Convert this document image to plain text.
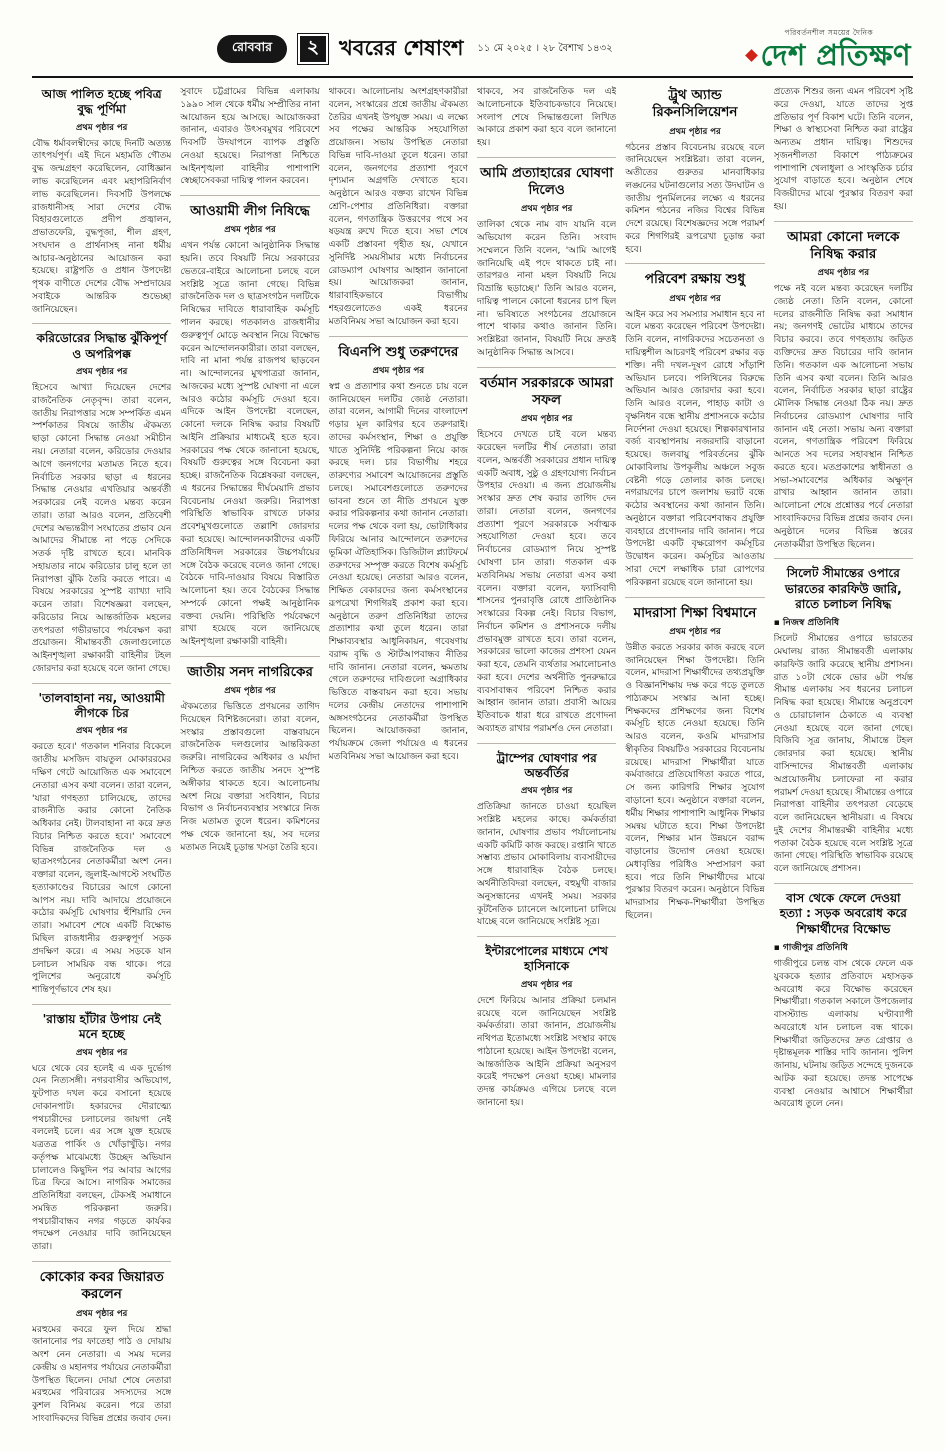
রোববার	২ খবরের শেষাংশ ১১ মে ২০২৫ । ২৮ বৈশাখ ১৪৩২
পরিবর্তনশীল সময়ের দৈনিক
দেশ প্রতিক্ষণ
আজ পালিত হচ্ছে পবিত্র বুদ্ধ পূর্ণিমা
প্রথম পৃষ্ঠার পর

বৌদ্ধ ধর্মাবলম্বীদের কাছে দিনটি অত্যন্ত তাৎপর্যপূর্ণ। এই দিনে মহামতি গৌতম বুদ্ধ জন্মগ্রহণ করেছিলেন, বোধিজ্ঞান লাভ করেছিলেন এবং মহাপরিনির্বাণ লাভ করেছিলেন। দিবসটি উপলক্ষে রাজধানীসহ সারা দেশের বৌদ্ধ বিহারগুলোতে প্রদীপ প্রজ্বালন, প্রভাতফেরি, বুদ্ধপূজা, শীল গ্রহণ, সংঘদান ও প্রার্থনাসহ নানা ধর্মীয় আচার-অনুষ্ঠানের আয়োজন করা হয়েছে। রাষ্ট্রপতি ও প্রধান উপদেষ্টা পৃথক বাণীতে দেশের বৌদ্ধ সম্প্রদায়ের সবাইকে আন্তরিক শুভেচ্ছা জানিয়েছেন।

করিডোরের সিদ্ধান্ত ঝুঁকিপূর্ণ ও অপরিপক্ক
প্রথম পৃষ্ঠার পর

হিসেবে আখ্যা দিয়েছেন দেশের রাজনৈতিক নেতৃবৃন্দ। তারা বলেন, জাতীয় নিরাপত্তার সঙ্গে সম্পর্কিত এমন স্পর্শকাতর বিষয়ে জাতীয় ঐকমত্য ছাড়া কোনো সিদ্ধান্ত নেওয়া সমীচীন নয়। নেতারা বলেন, করিডোর দেওয়ার আগে জনগণের মতামত নিতে হবে। নির্বাচিত সরকার ছাড়া এ ধরনের সিদ্ধান্ত নেওয়ার এখতিয়ার অন্তর্বর্তী সরকারের নেই বলেও মন্তব্য করেন তারা। তারা আরও বলেন, প্রতিবেশী দেশের অভ্যন্তরীণ সংঘাতের প্রভাব যেন আমাদের সীমান্তে না পড়ে সেদিকে সতর্ক দৃষ্টি রাখতে হবে। মানবিক সহায়তার নামে করিডোর চালু হলে তা নিরাপত্তা ঝুঁকি তৈরি করতে পারে। এ বিষয়ে সরকারের সুস্পষ্ট ব্যাখ্যা দাবি করেন তারা। বিশেষজ্ঞরা বলছেন, করিডোর নিয়ে আন্তর্জাতিক মহলের তৎপরতা গভীরভাবে পর্যবেক্ষণ করা প্রয়োজন। সীমান্তবর্তী জেলাগুলোতে আইনশৃঙ্খলা রক্ষাকারী বাহিনীর টহল জোরদার করা হয়েছে বলে জানা গেছে।

'তালবাহানা নয়, আওয়ামী লীগকে চির
প্রথম পৃষ্ঠার পর

করতে হবে।' গতকাল শনিবার বিকেলে জাতীয় মসজিদ বায়তুল মোকাররমের দক্ষিণ গেটে আয়োজিত এক সমাবেশে নেতারা এসব কথা বলেন। তারা বলেন, 'যারা গণহত্যা চালিয়েছে, তাদের রাজনীতি করার কোনো নৈতিক অধিকার নেই। টালবাহানা না করে দ্রুত বিচার নিশ্চিত করতে হবে।' সমাবেশে বিভিন্ন রাজনৈতিক দল ও ছাত্রসংগঠনের নেতাকর্মীরা অংশ নেন। বক্তারা বলেন, জুলাই-আগস্টে সংঘটিত হত্যাকাণ্ডের বিচারের আগে কোনো আপস নয়। দাবি আদায়ে প্রয়োজনে কঠোর কর্মসূচি ঘোষণার হুঁশিয়ারি দেন তারা। সমাবেশ শেষে একটি বিক্ষোভ মিছিল রাজধানীর গুরুত্বপূর্ণ সড়ক প্রদক্ষিণ করে। এ সময় সড়কে যান চলাচল সাময়িক বন্ধ থাকে। পরে পুলিশের অনুরোধে কর্মসূচি শান্তিপূর্ণভাবে শেষ হয়।

'রাস্তায় হাঁটার উপায় নেই মনে হচ্ছে
প্রথম পৃষ্ঠার পর

ঘরে থেকে বের হলেই এ এক দুর্ভোগ যেন নিত্যসঙ্গী। নগরবাসীর অভিযোগ, ফুটপাত দখল করে বসানো হয়েছে দোকানপাট। হকারদের দৌরাত্ম্যে পথচারীদের চলাচলের জায়গা নেই বললেই চলে। এর সঙ্গে যুক্ত হয়েছে যত্রতত্র পার্কিং ও খোঁড়াখুঁড়ি। নগর কর্তৃপক্ষ মাঝেমধ্যে উচ্ছেদ অভিযান চালালেও কিছুদিন পর আবার আগের চিত্র ফিরে আসে। নাগরিক সমাজের প্রতিনিধিরা বলছেন, টেকসই সমাধানে সমন্বিত পরিকল্পনা জরুরি। পথচারীবান্ধব নগর গড়তে কার্যকর পদক্ষেপ নেওয়ার দাবি জানিয়েছেন তারা।

কোকোর কবর জিয়ারত করলেন
প্রথম পৃষ্ঠার পর

মরহুমের কবরে ফুল দিয়ে শ্রদ্ধা জানানোর পর ফাতেহা পাঠ ও দোয়ায় অংশ নেন নেতারা। এ সময় দলের কেন্দ্রীয় ও মহানগর পর্যায়ের নেতাকর্মীরা উপস্থিত ছিলেন। দোয়া শেষে নেতারা মরহুমের পরিবারের সদস্যদের সঙ্গে কুশল বিনিময় করেন। পরে তারা সাংবাদিকদের বিভিন্ন প্রশ্নের জবাব দেন।

সুবাদে চট্টগ্রামের বিভিন্ন এলাকায় ১৯৯০ সাল থেকে ধর্মীয় সম্প্রীতির নানা আয়োজন হয়ে আসছে। আয়োজকরা জানান, এবারও উৎসবমুখর পরিবেশে দিবসটি উদযাপনে ব্যাপক প্রস্তুতি নেওয়া হয়েছে। নিরাপত্তা নিশ্চিতে আইনশৃঙ্খলা বাহিনীর পাশাপাশি স্বেচ্ছাসেবকরা দায়িত্ব পালন করবেন।

আওয়ামী লীগ নিষিদ্ধে
প্রথম পৃষ্ঠার পর

এখন পর্যন্ত কোনো আনুষ্ঠানিক সিদ্ধান্ত হয়নি। তবে বিষয়টি নিয়ে সরকারের ভেতরে-বাইরে আলোচনা চলছে বলে সংশ্লিষ্ট সূত্রে জানা গেছে। বিভিন্ন রাজনৈতিক দল ও ছাত্রসংগঠন দলটিকে নিষিদ্ধের দাবিতে ধারাবাহিক কর্মসূচি পালন করছে। গতকালও রাজধানীর গুরুত্বপূর্ণ মোড়ে অবস্থান নিয়ে বিক্ষোভ করেন আন্দোলনকারীরা। তারা বলছেন, দাবি না মানা পর্যন্ত রাজপথ ছাড়বেন না। আন্দোলনের মুখপাত্ররা জানান, আজকের মধ্যে সুস্পষ্ট ঘোষণা না এলে আরও কঠোর কর্মসূচি দেওয়া হবে। এদিকে আইন উপদেষ্টা বলেছেন, কোনো দলকে নিষিদ্ধ করার বিষয়টি আইনি প্রক্রিয়ার মাধ্যমেই হতে হবে। সরকারের পক্ষ থেকে জানানো হয়েছে, বিষয়টি গুরুত্বের সঙ্গে বিবেচনা করা হচ্ছে। রাজনৈতিক বিশ্লেষকরা বলছেন, এ ধরনের সিদ্ধান্তের দীর্ঘমেয়াদি প্রভাব বিবেচনায় নেওয়া জরুরি। নিরাপত্তা পরিস্থিতি স্বাভাবিক রাখতে ঢাকার প্রবেশমুখগুলোতে তল্লাশি জোরদার করা হয়েছে। আন্দোলনকারীদের একটি প্রতিনিধিদল সরকারের উচ্চপর্যায়ের সঙ্গে বৈঠক করেছে বলেও জানা গেছে। বৈঠকে দাবি-দাওয়ার বিষয়ে বিস্তারিত আলোচনা হয়। তবে বৈঠকের সিদ্ধান্ত সম্পর্কে কোনো পক্ষই আনুষ্ঠানিক বক্তব্য দেয়নি। পরিস্থিতি পর্যবেক্ষণে রাখা হয়েছে বলে জানিয়েছে আইনশৃঙ্খলা রক্ষাকারী বাহিনী।

জাতীয় সনদ নাগরিকের
প্রথম পৃষ্ঠার পর

ঐকমত্যের ভিত্তিতে প্রণয়নের তাগিদ দিয়েছেন বিশিষ্টজনেরা। তারা বলেন, সংস্কার প্রস্তাবগুলো বাস্তবায়নে রাজনৈতিক দলগুলোর আন্তরিকতা জরুরি। নাগরিকের অধিকার ও মর্যাদা নিশ্চিত করতে জাতীয় সনদে সুস্পষ্ট অঙ্গীকার থাকতে হবে। আলোচনায় অংশ নিয়ে বক্তারা সংবিধান, বিচার বিভাগ ও নির্বাচনব্যবস্থার সংস্কারে নিজ নিজ মতামত তুলে ধরেন। কমিশনের পক্ষ থেকে জানানো হয়, সব দলের মতামত নিয়েই চূড়ান্ত খসড়া তৈরি হবে।

থাকবে। আলোচনায় অংশগ্রহণকারীরা বলেন, সংস্কারের প্রশ্নে জাতীয় ঐকমত্য তৈরির এখনই উপযুক্ত সময়। এ লক্ষ্যে সব পক্ষের আন্তরিক সহযোগিতা প্রয়োজন। সভায় উপস্থিত নেতারা বিভিন্ন দাবি-দাওয়া তুলে ধরেন। তারা বলেন, জনগণের প্রত্যাশা পূরণে দৃশ্যমান অগ্রগতি দেখাতে হবে। অনুষ্ঠানে আরও বক্তব্য রাখেন বিভিন্ন শ্রেণি-পেশার প্রতিনিধিরা। বক্তারা বলেন, গণতান্ত্রিক উত্তরণের পথে সব ষড়যন্ত্র রুখে দিতে হবে। সভা শেষে একটি প্রস্তাবনা গৃহীত হয়, যেখানে সুনির্দিষ্ট সময়সীমার মধ্যে নির্বাচনের রোডম্যাপ ঘোষণার আহ্বান জানানো হয়। আয়োজকরা জানান, ধারাবাহিকভাবে বিভাগীয় শহরগুলোতেও একই ধরনের মতবিনিময় সভা আয়োজন করা হবে।

বিএনপি শুধু তরুণদের
প্রথম পৃষ্ঠার পর

স্বপ্ন ও প্রত্যাশার কথা শুনতে চায় বলে জানিয়েছেন দলটির জ্যেষ্ঠ নেতারা। তারা বলেন, আগামী দিনের বাংলাদেশ গড়ার মূল কারিগর হবে তরুণরাই। তাদের কর্মসংস্থান, শিক্ষা ও প্রযুক্তি খাতে সুনির্দিষ্ট পরিকল্পনা নিয়ে কাজ করছে দল। চার বিভাগীয় শহরে তারুণ্যের সমাবেশ আয়োজনের প্রস্তুতি চলছে। সমাবেশগুলোতে তরুণদের ভাবনা শুনে তা নীতি প্রণয়নে যুক্ত করার পরিকল্পনার কথা জানান নেতারা। দলের পক্ষ থেকে বলা হয়, ভোটাধিকার ফিরিয়ে আনার আন্দোলনে তরুণদের ভূমিকা ঐতিহাসিক। ডিজিটাল প্ল্যাটফর্মে তরুণদের সম্পৃক্ত করতে বিশেষ কর্মসূচি নেওয়া হয়েছে। নেতারা আরও বলেন, শিক্ষিত বেকারদের জন্য কর্মসংস্থানের রূপরেখা শিগগিরই প্রকাশ করা হবে। অনুষ্ঠানে তরুণ প্রতিনিধিরা তাদের প্রত্যাশার কথা তুলে ধরেন। তারা শিক্ষাব্যবস্থার আধুনিকায়ন, গবেষণায় বরাদ্দ বৃদ্ধি ও স্টার্টআপবান্ধব নীতির দাবি জানান। নেতারা বলেন, ক্ষমতায় গেলে তরুণদের দাবিগুলো অগ্রাধিকার ভিত্তিতে বাস্তবায়ন করা হবে। সভায় দলের কেন্দ্রীয় নেতাদের পাশাপাশি অঙ্গসংগঠনের নেতাকর্মীরা উপস্থিত ছিলেন। আয়োজকরা জানান, পর্যায়ক্রমে জেলা পর্যায়েও এ ধরনের মতবিনিময় সভা আয়োজন করা হবে।

থাকবে, সব রাজনৈতিক দল এই আলোচনাকে ইতিবাচকভাবে নিয়েছে। সংলাপ শেষে সিদ্ধান্তগুলো লিখিত আকারে প্রকাশ করা হবে বলে জানানো হয়।

আমি প্রত্যাহারের ঘোষণা দিলেও
প্রথম পৃষ্ঠার পর

তালিকা থেকে নাম বাদ যায়নি বলে অভিযোগ করেন তিনি। সংবাদ সম্মেলনে তিনি বলেন, 'আমি আগেই জানিয়েছি এই পদে থাকতে চাই না। তারপরও নানা মহল বিষয়টি নিয়ে বিভ্রান্তি ছড়াচ্ছে।' তিনি আরও বলেন, দায়িত্ব পালনে কোনো ধরনের চাপ ছিল না। ভবিষ্যতে সংগঠনের প্রয়োজনে পাশে থাকার কথাও জানান তিনি। সংশ্লিষ্টরা জানান, বিষয়টি নিয়ে দ্রুতই আনুষ্ঠানিক সিদ্ধান্ত আসবে।

বর্তমান সরকারকে আমরা সফল
প্রথম পৃষ্ঠার পর

হিসেবে দেখতে চাই বলে মন্তব্য করেছেন দলটির শীর্ষ নেতারা। তারা বলেন, অন্তর্বর্তী সরকারের প্রধান দায়িত্ব একটি অবাধ, সুষ্ঠু ও গ্রহণযোগ্য নির্বাচন উপহার দেওয়া। এ জন্য প্রয়োজনীয় সংস্কার দ্রুত শেষ করার তাগিদ দেন তারা। নেতারা বলেন, জনগণের প্রত্যাশা পূরণে সরকারকে সর্বাত্মক সহযোগিতা দেওয়া হবে। তবে নির্বাচনের রোডম্যাপ নিয়ে সুস্পষ্ট ঘোষণা চান তারা। গতকাল এক মতবিনিময় সভায় নেতারা এসব কথা বলেন। বক্তারা বলেন, ফ্যাসিবাদী শাসনের পুনরাবৃত্তি রোধে প্রাতিষ্ঠানিক সংস্কারের বিকল্প নেই। বিচার বিভাগ, নির্বাচন কমিশন ও প্রশাসনকে দলীয় প্রভাবমুক্ত রাখতে হবে। তারা বলেন, সরকারের ভালো কাজের প্রশংসা যেমন করা হবে, তেমনি ব্যর্থতার সমালোচনাও করা হবে। দেশের অর্থনীতি পুনরুদ্ধারে ব্যবসাবান্ধব পরিবেশ নিশ্চিত করার আহ্বান জানান তারা। প্রবাসী আয়ের ইতিবাচক ধারা ধরে রাখতে প্রণোদনা অব্যাহত রাখার পরামর্শও দেন নেতারা।

ট্রাম্পের ঘোষণার পর অন্তর্বর্তির
প্রথম পৃষ্ঠার পর

প্রতিক্রিয়া জানতে চাওয়া হয়েছিল সংশ্লিষ্ট মহলের কাছে। কর্মকর্তারা জানান, ঘোষণার প্রভাব পর্যালোচনায় একটি কমিটি কাজ করছে। রপ্তানি খাতে সম্ভাব্য প্রভাব মোকাবিলায় ব্যবসায়ীদের সঙ্গে ধারাবাহিক বৈঠক চলছে। অর্থনীতিবিদরা বলছেন, বহুমুখী বাজার অনুসন্ধানের এখনই সময়। সরকার কূটনৈতিক চ্যানেলে আলোচনা চালিয়ে যাচ্ছে বলে জানিয়েছে সংশ্লিষ্ট সূত্র।

ইন্টারপোলের মাধ্যমে শেখ হাসিনাকে
প্রথম পৃষ্ঠার পর

দেশে ফিরিয়ে আনার প্রক্রিয়া চলমান রয়েছে বলে জানিয়েছেন সংশ্লিষ্ট কর্মকর্তারা। তারা জানান, প্রয়োজনীয় নথিপত্র ইতোমধ্যে সংশ্লিষ্ট সংস্থার কাছে পাঠানো হয়েছে। আইন উপদেষ্টা বলেন, আন্তর্জাতিক আইনি প্রক্রিয়া অনুসরণ করেই পদক্ষেপ নেওয়া হচ্ছে। মামলার তদন্ত কার্যক্রমও এগিয়ে চলছে বলে জানানো হয়।

ট্রুথ অ্যান্ড রিকনসিলিয়েশন
প্রথম পৃষ্ঠার পর

গঠনের প্রস্তাব বিবেচনায় রয়েছে বলে জানিয়েছেন সংশ্লিষ্টরা। তারা বলেন, অতীতের গুরুতর মানবাধিকার লঙ্ঘনের ঘটনাগুলোর সত্য উদঘাটন ও জাতীয় পুনর্মিলনের লক্ষ্যে এ ধরনের কমিশন গঠনের নজির বিশ্বের বিভিন্ন দেশে রয়েছে। বিশেষজ্ঞদের সঙ্গে পরামর্শ করে শিগগিরই রূপরেখা চূড়ান্ত করা হবে।

পরিবেশ রক্ষায় শুধু
প্রথম পৃষ্ঠার পর

আইন করে সব সমস্যার সমাধান হবে না বলে মন্তব্য করেছেন পরিবেশ উপদেষ্টা। তিনি বলেন, নাগরিকদের সচেতনতা ও দায়িত্বশীল আচরণই পরিবেশ রক্ষার বড় শক্তি। নদী দখল-দূষণ রোধে সাঁড়াশি অভিযান চলবে। পলিথিনের বিরুদ্ধে অভিযান আরও জোরদার করা হবে। তিনি আরও বলেন, পাহাড় কাটা ও বৃক্ষনিধন বন্ধে স্থানীয় প্রশাসনকে কঠোর নির্দেশনা দেওয়া হয়েছে। শিল্পকারখানার বর্জ্য ব্যবস্থাপনায় নজরদারি বাড়ানো হয়েছে। জলবায়ু পরিবর্তনের ঝুঁকি মোকাবিলায় উপকূলীয় অঞ্চলে সবুজ বেষ্টনী গড়ে তোলার কাজ চলছে। নগরায়ণের চাপে জলাশয় ভরাট বন্ধে কঠোর অবস্থানের কথা জানান তিনি। অনুষ্ঠানে বক্তারা পরিবেশবান্ধব প্রযুক্তি ব্যবহারে প্রণোদনার দাবি জানান। পরে উপদেষ্টা একটি বৃক্ষরোপণ কর্মসূচির উদ্বোধন করেন। কর্মসূচির আওতায় সারা দেশে লক্ষাধিক চারা রোপণের পরিকল্পনা রয়েছে বলে জানানো হয়।

মাদরাসা শিক্ষা বিশ্বমানে
প্রথম পৃষ্ঠার পর

উন্নীত করতে সরকার কাজ করছে বলে জানিয়েছেন শিক্ষা উপদেষ্টা। তিনি বলেন, মাদরাসা শিক্ষার্থীদের তথ্যপ্রযুক্তি ও বিজ্ঞানশিক্ষায় দক্ষ করে গড়ে তুলতে পাঠ্যক্রমে সংস্কার আনা হচ্ছে। শিক্ষকদের প্রশিক্ষণের জন্য বিশেষ কর্মসূচি হাতে নেওয়া হয়েছে। তিনি আরও বলেন, কওমি মাদরাসার স্বীকৃতির বিষয়টিও সরকারের বিবেচনায় রয়েছে। মাদরাসা শিক্ষার্থীরা যাতে কর্মবাজারে প্রতিযোগিতা করতে পারে, সে জন্য কারিগরি শিক্ষার সুযোগ বাড়ানো হবে। অনুষ্ঠানে বক্তারা বলেন, ধর্মীয় শিক্ষার পাশাপাশি আধুনিক শিক্ষার সমন্বয় ঘটাতে হবে। শিক্ষা উপদেষ্টা বলেন, শিক্ষার মান উন্নয়নে বরাদ্দ বাড়ানোর উদ্যোগ নেওয়া হয়েছে। মেধাবৃত্তির পরিধিও সম্প্রসারণ করা হবে। পরে তিনি শিক্ষার্থীদের মাঝে পুরস্কার বিতরণ করেন। অনুষ্ঠানে বিভিন্ন মাদরাসার শিক্ষক-শিক্ষার্থীরা উপস্থিত ছিলেন।

প্রত্যেক শিশুর জন্য এমন পরিবেশ সৃষ্টি করে দেওয়া, যাতে তাদের সুপ্ত প্রতিভার পূর্ণ বিকাশ ঘটে। তিনি বলেন, শিক্ষা ও স্বাস্থ্যসেবা নিশ্চিত করা রাষ্ট্রের অন্যতম প্রধান দায়িত্ব। শিশুদের সৃজনশীলতা বিকাশে পাঠ্যক্রমের পাশাপাশি খেলাধুলা ও সাংস্কৃতিক চর্চার সুযোগ বাড়াতে হবে। অনুষ্ঠান শেষে বিজয়ীদের মাঝে পুরস্কার বিতরণ করা হয়।

আমরা কোনো দলকে নিষিদ্ধ করার
প্রথম পৃষ্ঠার পর

পক্ষে নই বলে মন্তব্য করেছেন দলটির জ্যেষ্ঠ নেতা। তিনি বলেন, কোনো দলের রাজনীতি নিষিদ্ধ করা সমাধান নয়; জনগণই ভোটের মাধ্যমে তাদের বিচার করবে। তবে গণহত্যায় জড়িত ব্যক্তিদের দ্রুত বিচারের দাবি জানান তিনি। গতকাল এক আলোচনা সভায় তিনি এসব কথা বলেন। তিনি আরও বলেন, নির্বাচিত সরকার ছাড়া রাষ্ট্রের মৌলিক সিদ্ধান্ত নেওয়া ঠিক নয়। দ্রুত নির্বাচনের রোডম্যাপ ঘোষণার দাবি জানান এই নেতা। সভায় অন্য বক্তারা বলেন, গণতান্ত্রিক পরিবেশ ফিরিয়ে আনতে সব দলের সহাবস্থান নিশ্চিত করতে হবে। মতপ্রকাশের স্বাধীনতা ও সভা-সমাবেশের অধিকার অক্ষুণ্ন রাখার আহ্বান জানান তারা। আলোচনা শেষে প্রশ্নোত্তর পর্বে নেতারা সাংবাদিকদের বিভিন্ন প্রশ্নের জবাব দেন। অনুষ্ঠানে দলের বিভিন্ন স্তরের নেতাকর্মীরা উপস্থিত ছিলেন।

সিলেট সীমান্তের ওপারে ভারতের কারফিউ জারি, রাতে চলাচল নিষিদ্ধ
▪ নিজস্ব প্রতিনিধি

সিলেট সীমান্তের ওপারে ভারতের মেঘালয় রাজ্য সীমান্তবর্তী এলাকায় কারফিউ জারি করেছে স্থানীয় প্রশাসন। রাত ১০টা থেকে ভোর ৬টা পর্যন্ত সীমান্ত এলাকায় সব ধরনের চলাচল নিষিদ্ধ করা হয়েছে। সীমান্তে অনুপ্রবেশ ও চোরাচালান ঠেকাতে এ ব্যবস্থা নেওয়া হয়েছে বলে জানা গেছে। বিজিবি সূত্র জানায়, সীমান্তে টহল জোরদার করা হয়েছে। স্থানীয় বাসিন্দাদের সীমান্তবর্তী এলাকায় অপ্রয়োজনীয় চলাফেরা না করার পরামর্শ দেওয়া হয়েছে। সীমান্তের ওপারে নিরাপত্তা বাহিনীর তৎপরতা বেড়েছে বলে জানিয়েছেন স্থানীয়রা। এ বিষয়ে দুই দেশের সীমান্তরক্ষী বাহিনীর মধ্যে পতাকা বৈঠক হয়েছে বলে সংশ্লিষ্ট সূত্রে জানা গেছে। পরিস্থিতি স্বাভাবিক রয়েছে বলে জানিয়েছে প্রশাসন।

বাস থেকে ফেলে দেওয়া হত্যা : সড়ক অবরোধ করে শিক্ষার্থীদের বিক্ষোভ
▪ গাজীপুর প্রতিনিধি

গাজীপুরে চলন্ত বাস থেকে ফেলে এক যুবককে হত্যার প্রতিবাদে মহাসড়ক অবরোধ করে বিক্ষোভ করেছেন শিক্ষার্থীরা। গতকাল সকালে উপজেলার বাসস্ট্যান্ড এলাকায় ঘণ্টাব্যাপী অবরোধে যান চলাচল বন্ধ থাকে। শিক্ষার্থীরা জড়িতদের দ্রুত গ্রেপ্তার ও দৃষ্টান্তমূলক শাস্তির দাবি জানান। পুলিশ জানায়, ঘটনায় জড়িত সন্দেহে দুজনকে আটক করা হয়েছে। তদন্ত সাপেক্ষে ব্যবস্থা নেওয়ার আশ্বাসে শিক্ষার্থীরা অবরোধ তুলে নেন।
